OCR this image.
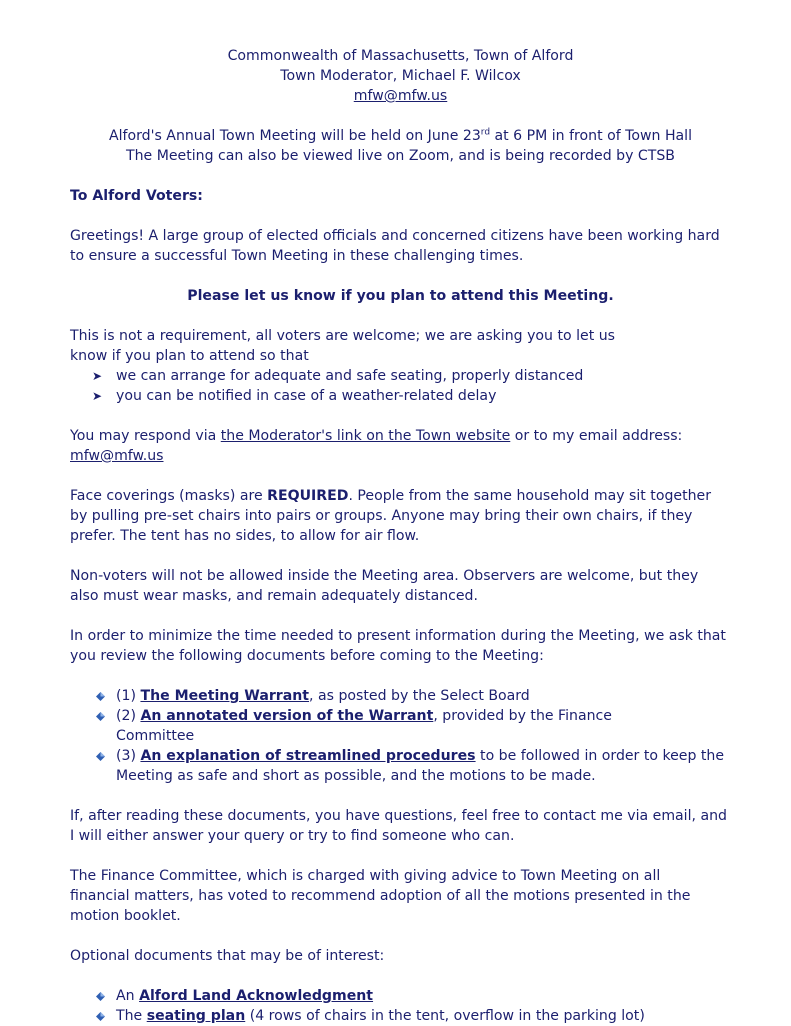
Commonwealth of Massachusetts, Town of Alford

Town Moderator, Michael F. Wilcox

mfw@mfw.us

Alford's Annual Town Meeting will be held on June 23rd at 6 PM in front of Town Hall

The Meeting can also be viewed live on Zoom, and is being recorded by CTSB

To Alford Voters:

Greetings! A large group of elected officials and concerned citizens have been working hard to ensure a successful Town Meeting in these challenging times.

Please let us know if you plan to attend this Meeting.

This is not a requirement, all voters are welcome; we are asking you to let us know if you plan to attend so that

➤ we can arrange for adequate and safe seating, properly distanced
➤ you can be notified in case of a weather-related delay

You may respond via the Moderator's link on the Town website or to my email address: mfw@mfw.us

Face coverings (masks) are REQUIRED. People from the same household may sit together by pulling pre-set chairs into pairs or groups. Anyone may bring their own chairs, if they prefer. The tent has no sides, to allow for air flow.

Non-voters will not be allowed inside the Meeting area. Observers are welcome, but they also must wear masks, and remain adequately distanced.

In order to minimize the time needed to present information during the Meeting, we ask that you review the following documents before coming to the Meeting:

(1) The Meeting Warrant, as posted by the Select Board
(2) An annotated version of the Warrant, provided by the Finance Committee
(3) An explanation of streamlined procedures to be followed in order to keep the Meeting as safe and short as possible, and the motions to be made.

If, after reading these documents, you have questions, feel free to contact me via email, and I will either answer your query or try to find someone who can.

The Finance Committee, which is charged with giving advice to Town Meeting on all financial matters, has voted to recommend adoption of all the motions presented in the motion booklet.

Optional documents that may be of interest:

An Alford Land Acknowledgment
The seating plan (4 rows of chairs in the tent, overflow in the parking lot)
